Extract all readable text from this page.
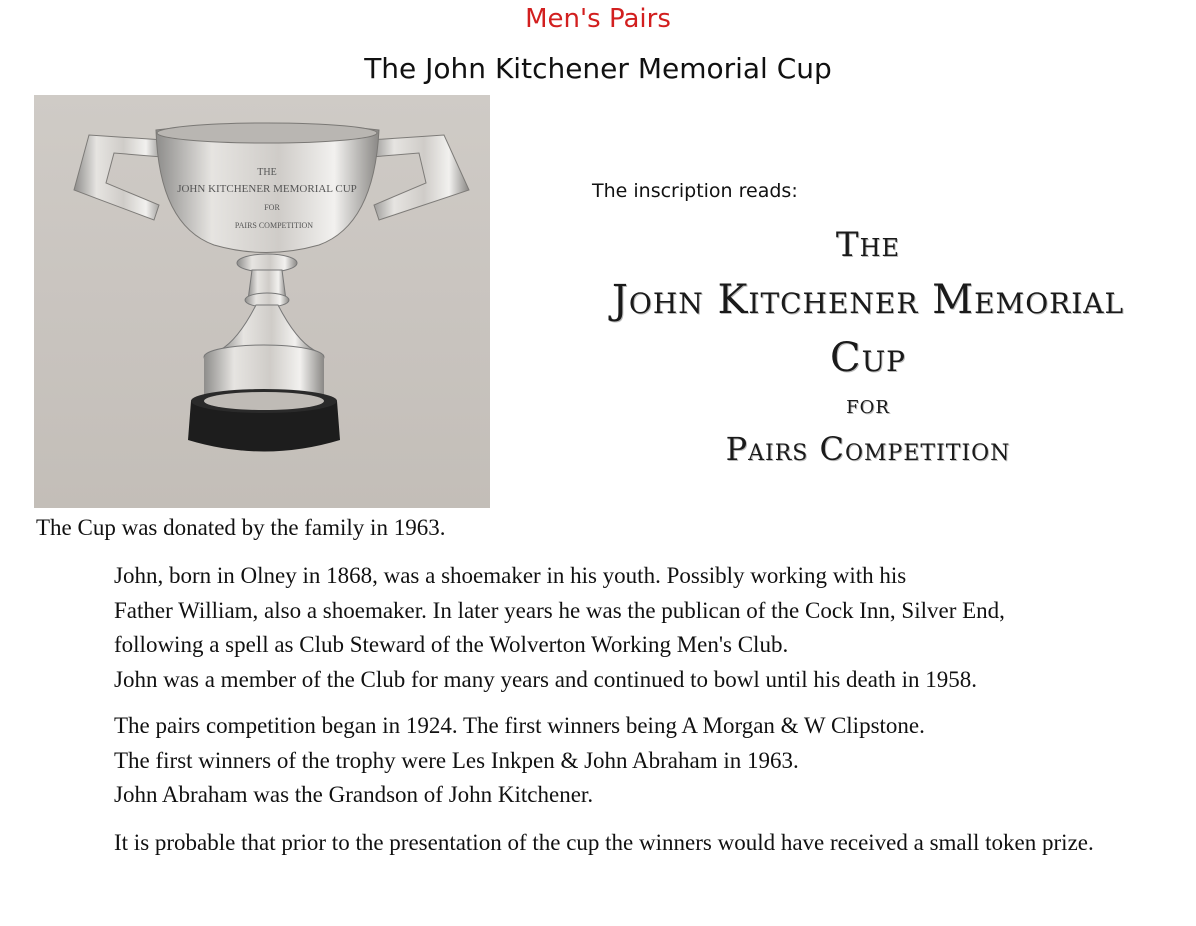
Men's Pairs
The John Kitchener Memorial Cup
THE
JOHN KITCHENER MEMORIAL CUP
FOR
PAIRS COMPETITION
The inscription reads:
The
John Kitchener Memorial
Cup
for
Pairs Competition
The Cup was donated by the family in 1963.
John, born in Olney in 1868, was a shoemaker in his youth. Possibly working with his
Father William, also a shoemaker. In later years he was the publican of the Cock Inn, Silver End,
following a spell as Club Steward of the Wolverton Working Men's Club.
John was a member of the Club for many years and continued to bowl until his death in 1958.
The pairs competition began in 1924. The first winners being A Morgan & W Clipstone.
The first winners of the trophy were Les Inkpen & John Abraham in 1963.
John Abraham was the Grandson of John Kitchener.
It is probable that prior to the presentation of the cup the winners would have received a small token prize.
